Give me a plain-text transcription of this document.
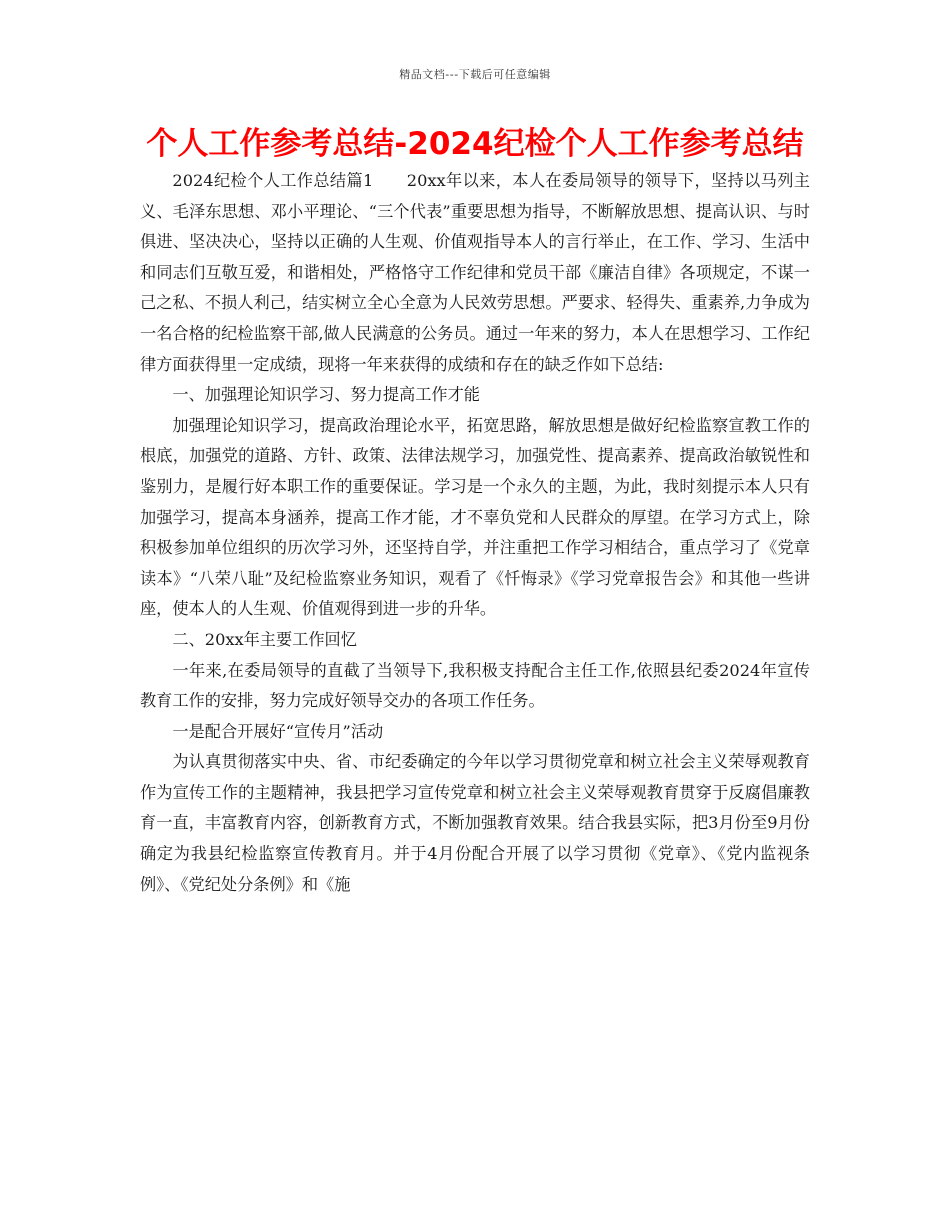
精品文档---下载后可任意编辑
个人工作参考总结-2024纪检个人工作参考总结

2024纪检个人工作总结篇1　　20xx年以来，本人在委局领导的领导下，坚持以马列主义、毛泽东思想、邓小平理论、“三个代表”重要思想为指导，不断解放思想、提高认识、与时俱进、坚决决心，坚持以正确的人生观、价值观指导本人的言行举止，在工作、学习、生活中和同志们互敬互爱，和谐相处，严格恪守工作纪律和党员干部《廉洁自律》各项规定，不谋一己之私、不损人利己，结实树立全心全意为人民效劳思想。严要求、轻得失、重素养,力争成为一名合格的纪检监察干部,做人民满意的公务员。通过一年来的努力，本人在思想学习、工作纪律方面获得里一定成绩，现将一年来获得的成绩和存在的缺乏作如下总结:

一、加强理论知识学习、努力提高工作才能

加强理论知识学习，提高政治理论水平，拓宽思路，解放思想是做好纪检监察宣教工作的根底，加强党的道路、方针、政策、法律法规学习，加强党性、提高素养、提高政治敏锐性和鉴别力，是履行好本职工作的重要保证。学习是一个永久的主题，为此，我时刻提示本人只有加强学习，提高本身涵养，提高工作才能，才不辜负党和人民群众的厚望。在学习方式上，除积极参加单位组织的历次学习外，还坚持自学，并注重把工作学习相结合，重点学习了《党章读本》“八荣八耻”及纪检监察业务知识，观看了《忏悔录》《学习党章报告会》和其他一些讲座，使本人的人生观、价值观得到进一步的升华。

二、20xx年主要工作回忆

一年来,在委局领导的直截了当领导下,我积极支持配合主任工作,依照县纪委2024年宣传教育工作的安排，努力完成好领导交办的各项工作任务。

一是配合开展好“宣传月”活动

为认真贯彻落实中央、省、市纪委确定的今年以学习贯彻党章和树立社会主义荣辱观教育作为宣传工作的主题精神，我县把学习宣传党章和树立社会主义荣辱观教育贯穿于反腐倡廉教育一直，丰富教育内容，创新教育方式，不断加强教育效果。结合我县实际，把3月份至9月份确定为我县纪检监察宣传教育月。并于4月份配合开展了以学习贯彻《党章》、《党内监视条例》、《党纪处分条例》和《施
